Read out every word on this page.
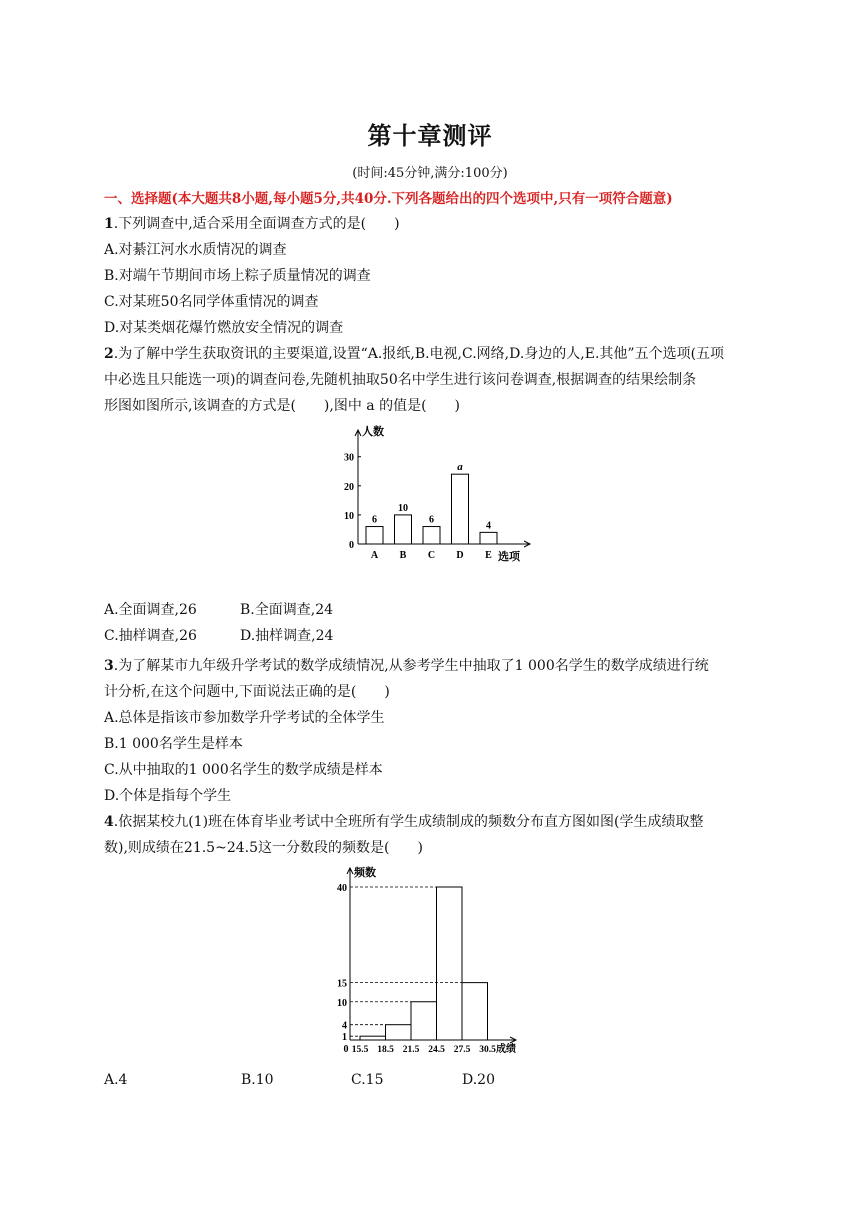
第十章测评
(时间:45分钟,满分:100分)
一、选择题(本大题共8小题,每小题5分,共40分.下列各题给出的四个选项中,只有一项符合题意)
1.下列调查中,适合采用全面调查方式的是(　　)
A.对綦江河水水质情况的调查
B.对端午节期间市场上粽子质量情况的调查
C.对某班50名同学体重情况的调查
D.对某类烟花爆竹燃放安全情况的调查
2.为了解中学生获取资讯的主要渠道,设置“A.报纸,B.电视,C.网络,D.身边的人,E.其他”五个选项(五项
中必选且只能选一项)的调查问卷,先随机抽取50名中学生进行该问卷调查,根据调查的结果绘制条
形图如图所示,该调查的方式是(　　),图中 a 的值是(　　)
人数
选项
0
10
20
30
6
A
10
B
6
C
a
D
4
E
A.全面调查,26	B.全面调查,24
C.抽样调查,26	D.抽样调查,24
3.为了解某市九年级升学考试的数学成绩情况,从参考学生中抽取了1 000名学生的数学成绩进行统
计分析,在这个问题中,下面说法正确的是(　　)
A.总体是指该市参加数学升学考试的全体学生
B.1 000名学生是样本
C.从中抽取的1 000名学生的数学成绩是样本
D.个体是指每个学生
4.依据某校九(1)班在体育毕业考试中全班所有学生成绩制成的频数分布直方图如图(学生成绩取整
数),则成绩在21.5~24.5这一分数段的频数是(　　)
频数
成绩
0
1
4
10
15
40
15.5 18.5 21.5 24.5 27.5 30.5
A.4	B.10	C.15	D.20
